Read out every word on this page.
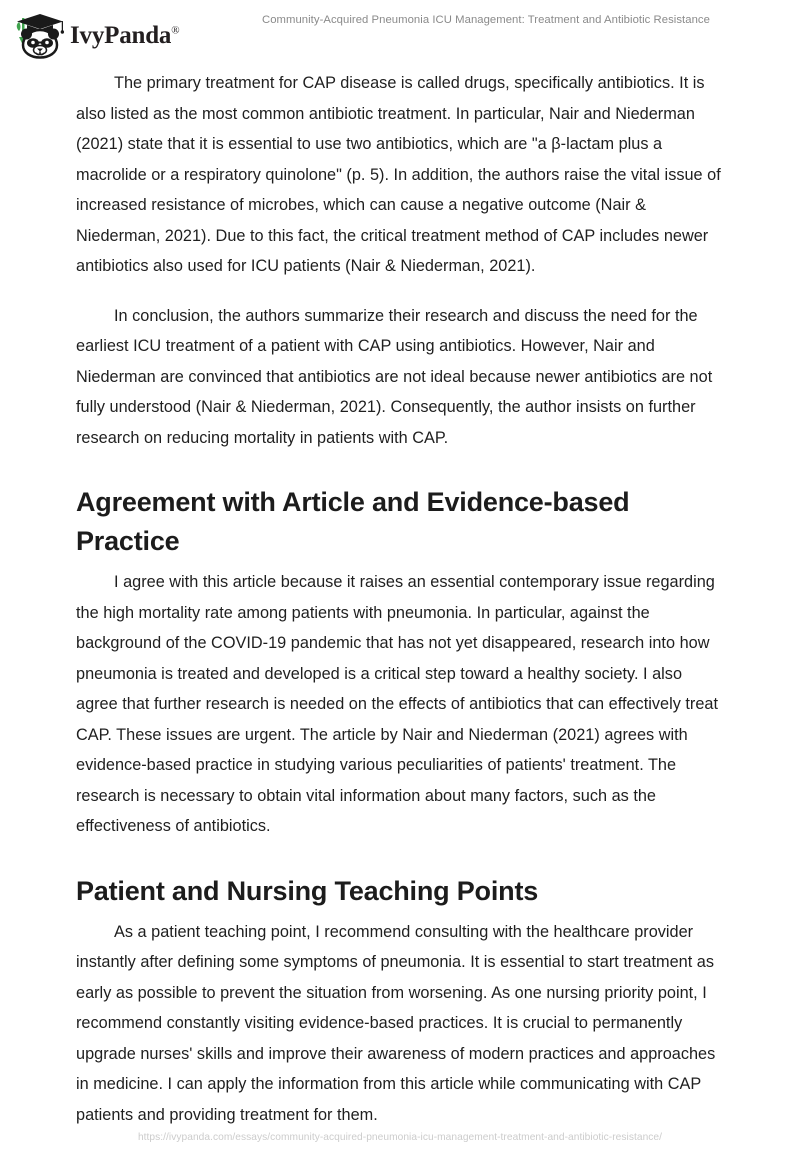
IvyPanda®
Community-Acquired Pneumonia ICU Management: Treatment and Antibiotic Resistance

The primary treatment for CAP disease is called drugs, specifically antibiotics. It is also listed as the most common antibiotic treatment. In particular, Nair and Niederman (2021) state that it is essential to use two antibiotics, which are "a β-lactam plus a macrolide or a respiratory quinolone" (p. 5). In addition, the authors raise the vital issue of increased resistance of microbes, which can cause a negative outcome (Nair & Niederman, 2021). Due to this fact, the critical treatment method of CAP includes newer antibiotics also used for ICU patients (Nair & Niederman, 2021).

In conclusion, the authors summarize their research and discuss the need for the earliest ICU treatment of a patient with CAP using antibiotics. However, Nair and Niederman are convinced that antibiotics are not ideal because newer antibiotics are not fully understood (Nair & Niederman, 2021). Consequently, the author insists on further research on reducing mortality in patients with CAP.

Agreement with Article and Evidence-based Practice

I agree with this article because it raises an essential contemporary issue regarding the high mortality rate among patients with pneumonia. In particular, against the background of the COVID-19 pandemic that has not yet disappeared, research into how pneumonia is treated and developed is a critical step toward a healthy society. I also agree that further research is needed on the effects of antibiotics that can effectively treat CAP. These issues are urgent. The article by Nair and Niederman (2021) agrees with evidence-based practice in studying various peculiarities of patients' treatment. The research is necessary to obtain vital information about many factors, such as the effectiveness of antibiotics.

Patient and Nursing Teaching Points

As a patient teaching point, I recommend consulting with the healthcare provider instantly after defining some symptoms of pneumonia. It is essential to start treatment as early as possible to prevent the situation from worsening. As one nursing priority point, I recommend constantly visiting evidence-based practices. It is crucial to permanently upgrade nurses' skills and improve their awareness of modern practices and approaches in medicine. I can apply the information from this article while communicating with CAP patients and providing treatment for them.

https://ivypanda.com/essays/community-acquired-pneumonia-icu-management-treatment-and-antibiotic-resistance/
